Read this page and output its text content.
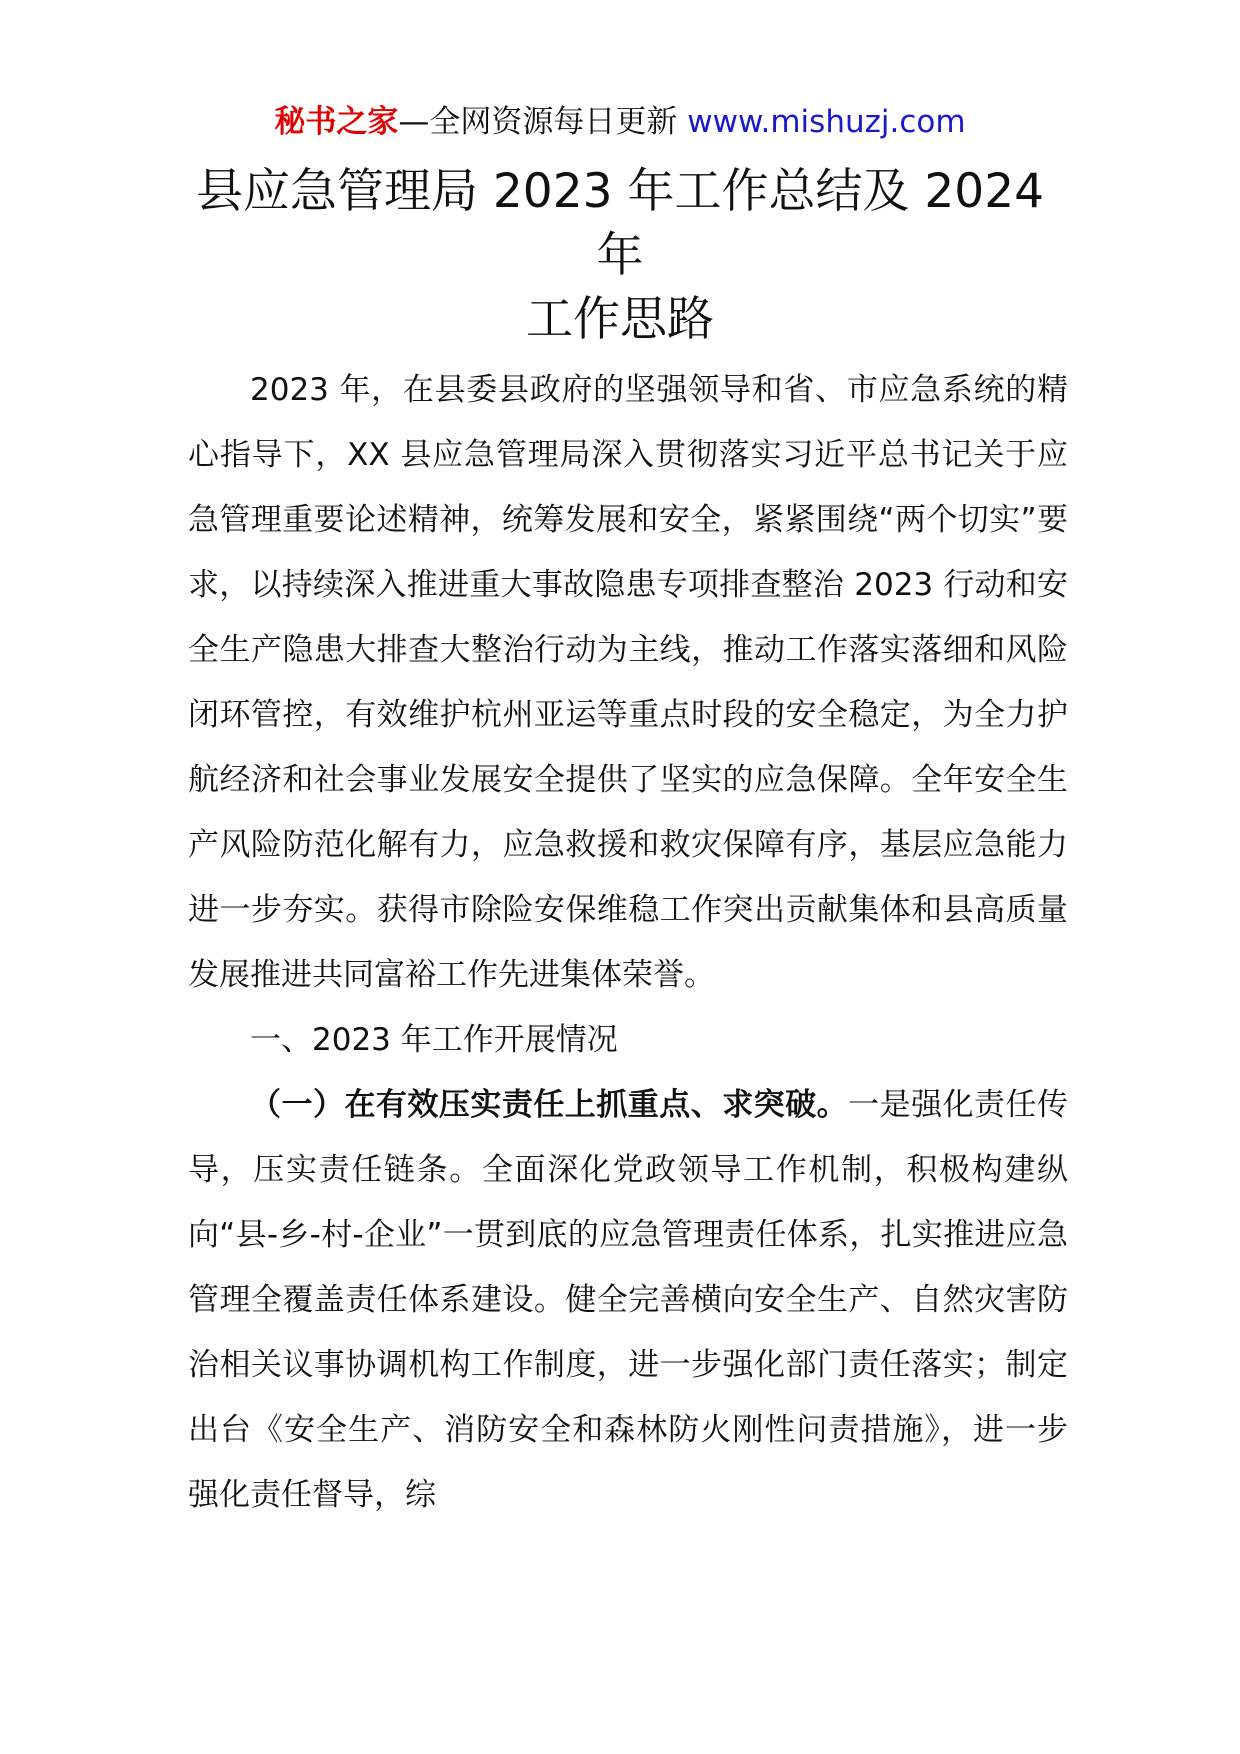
秘书之家—全网资源每日更新 www.mishuzj.com
县应急管理局 2023 年工作总结及 2024
年
工作思路

2023 年，在县委县政府的坚强领导和省、市应急系统的精心指导下，XX 县应急管理局深入贯彻落实习近平总书记关于应急管理重要论述精神，统筹发展和安全，紧紧围绕“两个切实”要求，以持续深入推进重大事故隐患专项排查整治 2023 行动和安全生产隐患大排查大整治行动为主线，推动工作落实落细和风险闭环管控，有效维护杭州亚运等重点时段的安全稳定，为全力护航经济和社会事业发展安全提供了坚实的应急保障。全年安全生产风险防范化解有力，应急救援和救灾保障有序，基层应急能力进一步夯实。获得市除险安保维稳工作突出贡献集体和县高质量发展推进共同富裕工作先进集体荣誉。

一、2023 年工作开展情况

（一）在有效压实责任上抓重点、求突破。一是强化责任传导，压实责任链条。全面深化党政领导工作机制，积极构建纵向“县-乡-村-企业”一贯到底的应急管理责任体系，扎实推进应急管理全覆盖责任体系建设。健全完善横向安全生产、自然灾害防治相关议事协调机构工作制度，进一步强化部门责任落实；制定出台《安全生产、消防安全和森林防火刚性问责措施》，进一步强化责任督导，综
